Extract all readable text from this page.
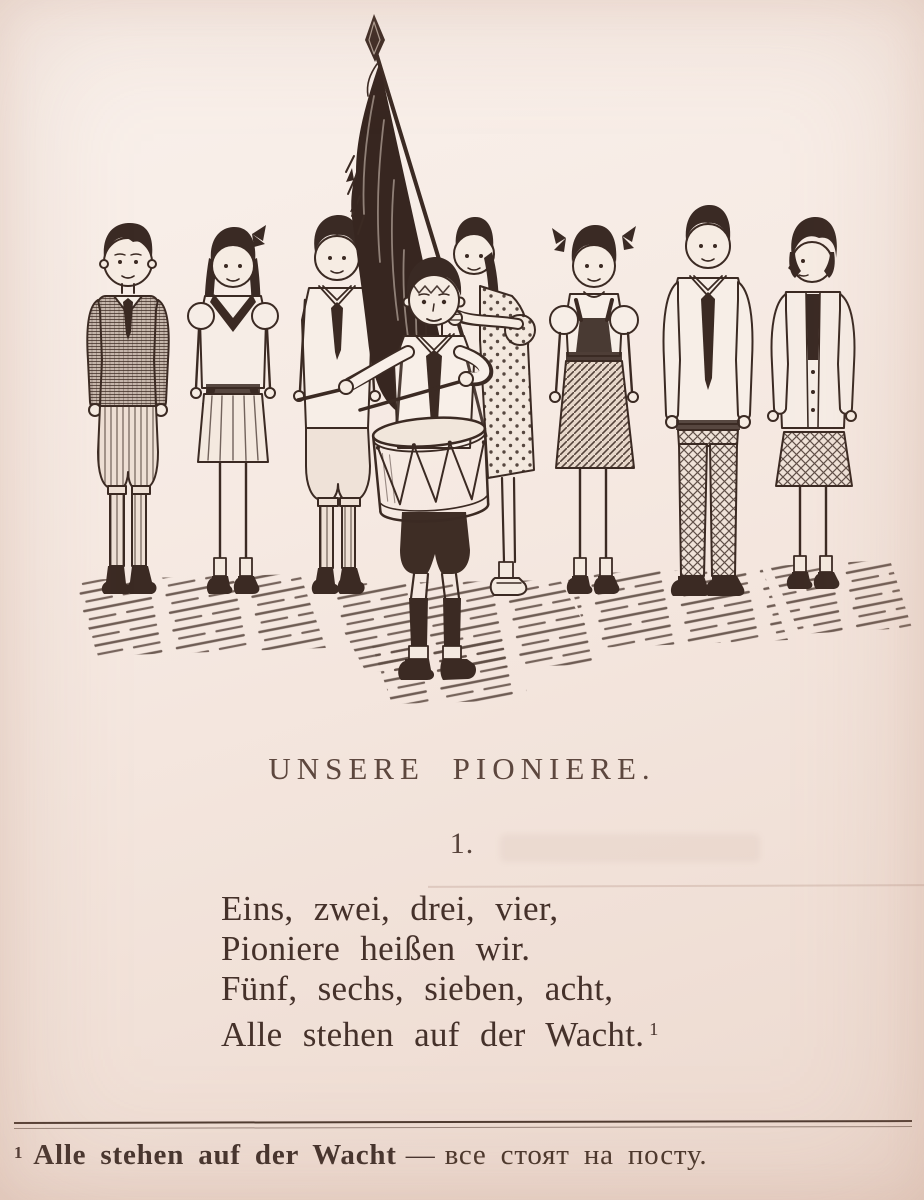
UNSERE PIONIERE.
1.
Eins, zwei, drei, vier,
Pioniere heißen wir.
Fünf, sechs, sieben, acht,
Alle stehen auf der Wacht. $^1$
$^1$ Alle stehen auf der Wacht — все стоят на посту.
